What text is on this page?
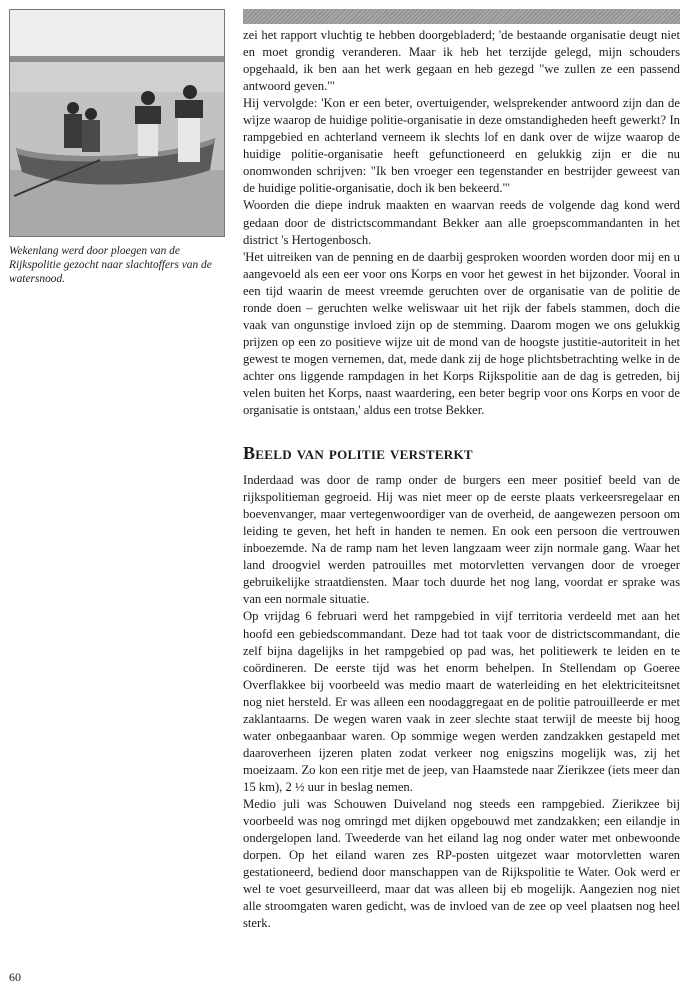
Wekenlang werd door ploegen van de Rijkspolitie gezocht naar slachtoffers van de watersnood.

zei het rapport vluchtig te hebben doorgebladerd; 'de bestaande organisatie deugt niet en moet grondig veranderen. Maar ik heb het terzijde gelegd, mijn schouders opgehaald, ik ben aan het werk gegaan en heb gezegd "we zullen ze een passend antwoord geven."'

Hij vervolgde: 'Kon er een beter, overtuigender, welsprekender antwoord zijn dan de wijze waarop de huidige politie-organisatie in deze omstandigheden heeft gewerkt? In rampgebied en achterland verneem ik slechts lof en dank over de wijze waarop de huidige politie-organisatie heeft gefunctioneerd en gelukkig zijn er die nu onomwonden schrijven: "Ik ben vroeger een tegenstander en bestrijder geweest van de huidige politie-organisatie, doch ik ben bekeerd."'

Woorden die diepe indruk maakten en waarvan reeds de volgende dag kond werd gedaan door de districtscommandant Bekker aan alle groepscommandanten in het district 's Hertogenbosch.

'Het uitreiken van de penning en de daarbij gesproken woorden worden door mij en u aangevoeld als een eer voor ons Korps en voor het gewest in het bijzonder. Vooral in een tijd waarin de meest vreemde geruchten over de organisatie van de politie de ronde doen – geruchten welke weliswaar uit het rijk der fabels stammen, doch die vaak van ongunstige invloed zijn op de stemming. Daarom mogen we ons gelukkig prijzen op een zo positieve wijze uit de mond van de hoogste justitie-autoriteit in het gewest te mogen vernemen, dat, mede dank zij de hoge plichtsbetrachting welke in de achter ons liggende rampdagen in het Korps Rijkspolitie aan de dag is getreden, bij velen buiten het Korps, naast waardering, een beter begrip voor ons Korps en voor de organisatie is ontstaan,' aldus een trotse Bekker.

Beeld van politie versterkt

Inderdaad was door de ramp onder de burgers een meer positief beeld van de rijkspolitieman gegroeid. Hij was niet meer op de eerste plaats verkeersregelaar en boevenvanger, maar vertegenwoordiger van de overheid, de aangewezen persoon om leiding te geven, het heft in handen te nemen. En ook een persoon die vertrouwen inboezemde. Na de ramp nam het leven langzaam weer zijn normale gang. Waar het land droogviel werden patrouilles met motorvletten vervangen door de vroeger gebruikelijke straatdiensten. Maar toch duurde het nog lang, voordat er sprake was van een normale situatie.

Op vrijdag 6 februari werd het rampgebied in vijf territoria verdeeld met aan het hoofd een gebiedscommandant. Deze had tot taak voor de districtscommandant, die zelf bijna dagelijks in het rampgebied op pad was, het politiewerk te leiden en te coördineren. De eerste tijd was het enorm behelpen. In Stellendam op Goeree Overflakkee bij voorbeeld was medio maart de waterleiding en het elektriciteitsnet nog niet hersteld. Er was alleen een noodaggregaat en de politie patrouilleerde er met zaklantaarns. De wegen waren vaak in zeer slechte staat terwijl de meeste bij hoog water onbegaanbaar waren. Op sommige wegen werden zandzakken gestapeld met daaroverheen ijzeren platen zodat verkeer nog enigszins mogelijk was, zij het moeizaam. Zo kon een ritje met de jeep, van Haamstede naar Zierikzee (iets meer dan 15 km), 2 ½ uur in beslag nemen.

Medio juli was Schouwen Duiveland nog steeds een rampgebied. Zierikzee bij voorbeeld was nog omringd met dijken opgebouwd met zandzakken; een eilandje in ondergelopen land. Tweederde van het eiland lag nog onder water met onbewoonde dorpen. Op het eiland waren zes RP-posten uitgezet waar motorvletten waren gestationeerd, bediend door manschappen van de Rijkspolitie te Water. Ook werd er wel te voet gesurveilleerd, maar dat was alleen bij eb mogelijk. Aangezien nog niet alle stroomgaten waren gedicht, was de invloed van de zee op veel plaatsen nog heel sterk.

60
